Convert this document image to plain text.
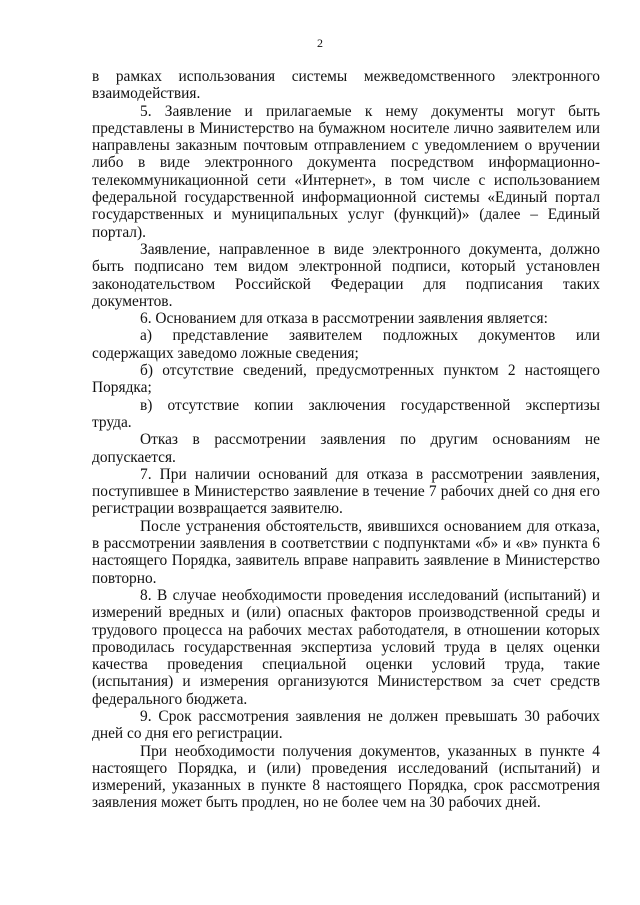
2
в рамках использования системы межведомственного электронного
взаимодействия.
5. Заявление и прилагаемые к нему документы могут быть
представлены в Министерство на бумажном носителе лично заявителем или
направлены заказным почтовым отправлением с уведомлением о вручении
либо в виде электронного документа посредством информационно-
телекоммуникационной сети «Интернет», в том числе с использованием
федеральной государственной информационной системы «Единый портал
государственных и муниципальных услуг (функций)» (далее – Единый
портал).
Заявление, направленное в виде электронного документа, должно
быть подписано тем видом электронной подписи, который установлен
законодательством Российской Федерации для подписания таких
документов.
6. Основанием для отказа в рассмотрении заявления является:
а) представление заявителем подложных документов или
содержащих заведомо ложные сведения;
б) отсутствие сведений, предусмотренных пунктом 2 настоящего
Порядка;
в) отсутствие копии заключения государственной экспертизы
труда.
Отказ в рассмотрении заявления по другим основаниям не
допускается.
7. При наличии оснований для отказа в рассмотрении заявления,
поступившее в Министерство заявление в течение 7 рабочих дней со дня его
регистрации возвращается заявителю.
После устранения обстоятельств, явившихся основанием для отказа,
в рассмотрении заявления в соответствии с подпунктами «б» и «в» пункта 6
настоящего Порядка, заявитель вправе направить заявление в Министерство
повторно.
8. В случае необходимости проведения исследований (испытаний) и
измерений вредных и (или) опасных факторов производственной среды и
трудового процесса на рабочих местах работодателя, в отношении которых
проводилась государственная экспертиза условий труда в целях оценки
качества проведения специальной оценки условий труда, такие
(испытания) и измерения организуются Министерством за счет средств
федерального бюджета.
9. Срок рассмотрения заявления не должен превышать 30 рабочих
дней со дня его регистрации.
При необходимости получения документов, указанных в пункте 4
настоящего Порядка, и (или) проведения исследований (испытаний) и
измерений, указанных в пункте 8 настоящего Порядка, срок рассмотрения
заявления может быть продлен, но не более чем на 30 рабочих дней.
